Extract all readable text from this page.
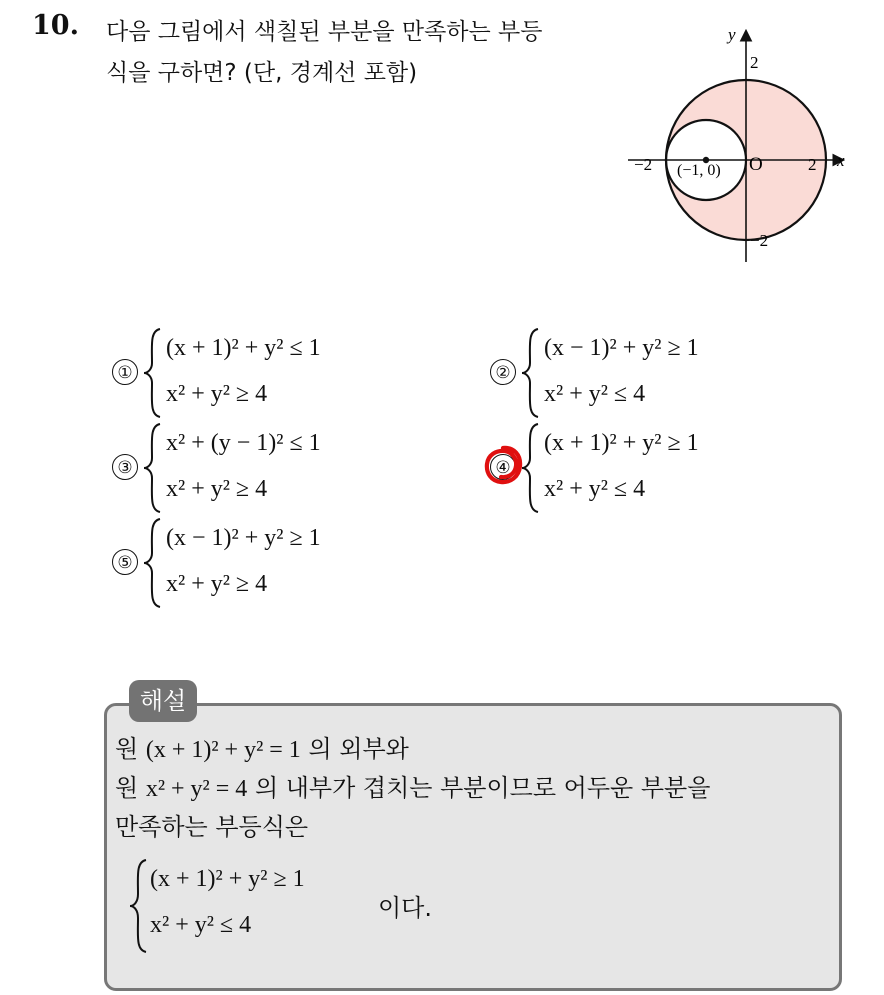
10. 다음 그림에서 색칠된 부분을 만족하는 부등
식을 구하면? (단, 경계선 포함)
y
x
2
−2
−2	2
O
(−1, 0)
①
(x + 1)² + y² ≤ 1
x² + y² ≥ 4
②
(x − 1)² + y² ≥ 1
x² + y² ≤ 4
③
x² + (y − 1)² ≤ 1
x² + y² ≥ 4
④
(x + 1)² + y² ≥ 1
x² + y² ≤ 4
⑤
(x − 1)² + y² ≥ 1
x² + y² ≥ 4
해설
원 (x + 1)² + y² = 1 의 외부와
원 x² + y² = 4 의 내부가 겹치는 부분이므로 어두운 부분을
만족하는 부등식은
(x + 1)² + y² ≥ 1
x² + y² ≤ 4
이다.
